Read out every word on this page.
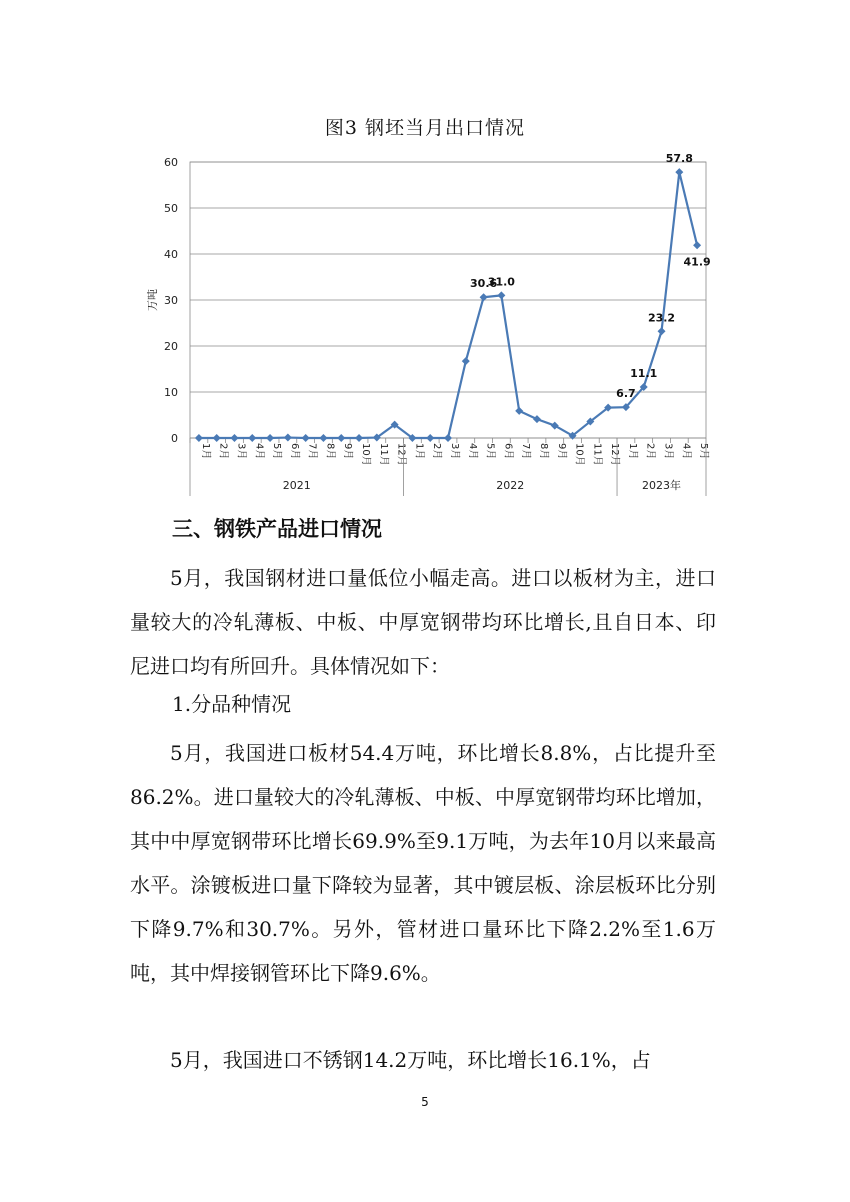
图3 钢坯当月出口情况
0
10
20
30
40
50
60
万吨
1月 2月 3月 4月 5月 6月 7月 8月 9月 10月 11月 12月 1月 2月 3月 4月 5月 6月 7月 8月 9月 10月 11月 12月 1月 2月 3月 4月 5月
2021	2022	2023年
30.6
31.0
6.7
11.1
23.2
57.8
41.9
三、钢铁产品进口情况

5月，我国钢材进口量低位小幅走高。进口以板材为主，进口量较大的冷轧薄板、中板、中厚宽钢带均环比增长,且自日本、印尼进口均有所回升。具体情况如下：

1.分品种情况

5月，我国进口板材54.4万吨，环比增长8.8%，占比提升至86.2%。进口量较大的冷轧薄板、中板、中厚宽钢带均环比增加，其中中厚宽钢带环比增长69.9%至9.1万吨，为去年10月以来最高水平。涂镀板进口量下降较为显著，其中镀层板、涂层板环比分别下降9.7%和30.7%。另外，管材进口量环比下降2.2%至1.6万吨，其中焊接钢管环比下降9.6%。

5月，我国进口不锈钢14.2万吨，环比增长16.1%，占

5
